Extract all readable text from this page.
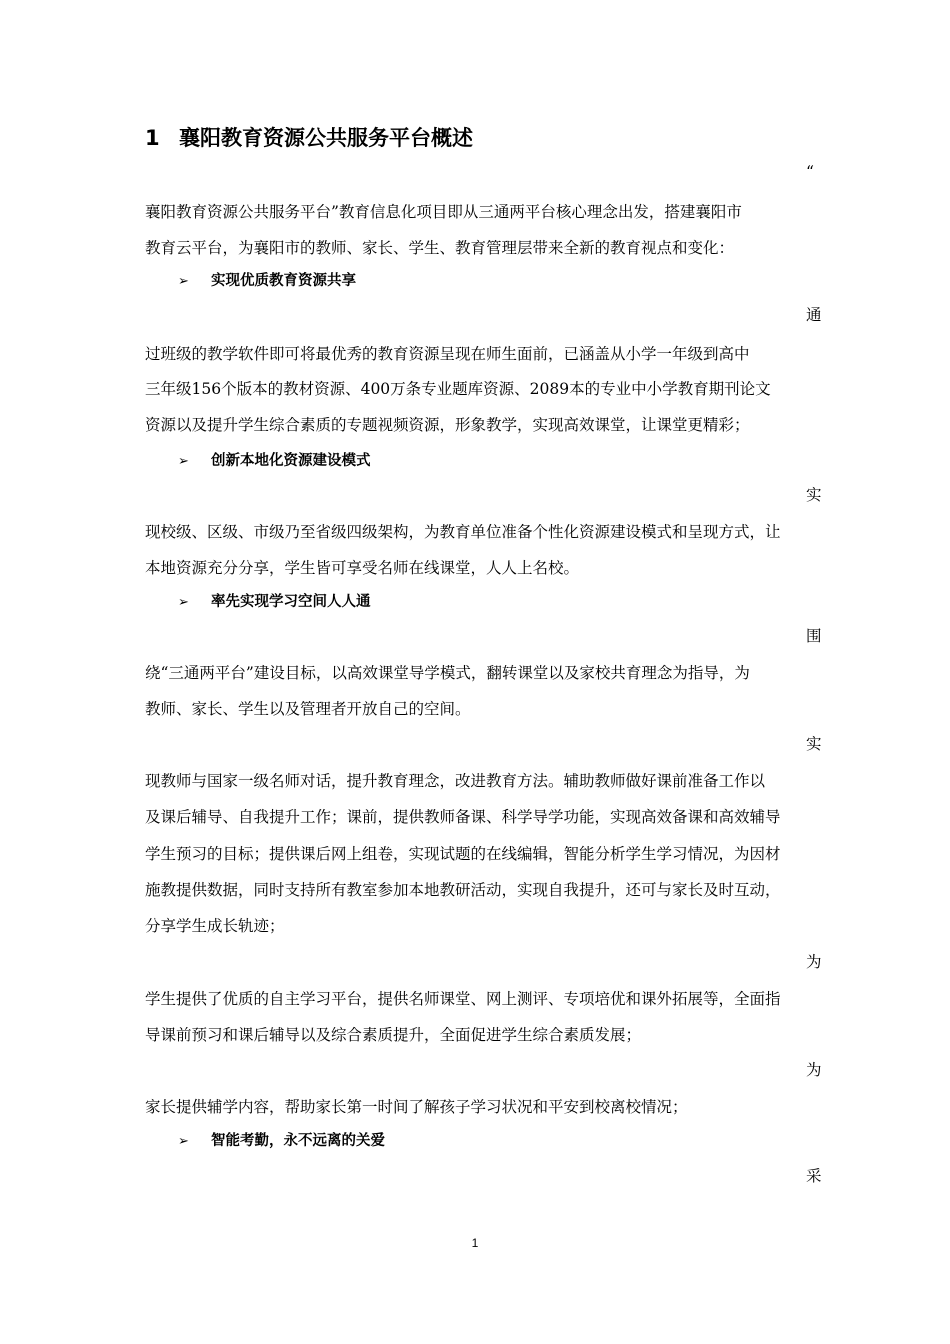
1 襄阳教育资源公共服务平台概述
“
襄阳教育资源公共服务平台”教育信息化项目即从三通两平台核心理念出发，搭建襄阳市
教育云平台，为襄阳市的教师、家长、学生、教育管理层带来全新的教育视点和变化：
➢ 实现优质教育资源共享
通
过班级的教学软件即可将最优秀的教育资源呈现在师生面前，已涵盖从小学一年级到高中
三年级156个版本的教材资源、400万条专业题库资源、2089本的专业中小学教育期刊论文
资源以及提升学生综合素质的专题视频资源，形象教学，实现高效课堂，让课堂更精彩；
➢ 创新本地化资源建设模式
实
现校级、区级、市级乃至省级四级架构，为教育单位准备个性化资源建设模式和呈现方式，让
本地资源充分分享，学生皆可享受名师在线课堂，人人上名校。
➢ 率先实现学习空间人人通
围
绕“三通两平台”建设目标，以高效课堂导学模式，翻转课堂以及家校共育理念为指导，为
教师、家长、学生以及管理者开放自己的空间。
实
现教师与国家一级名师对话，提升教育理念，改进教育方法。辅助教师做好课前准备工作以
及课后辅导、自我提升工作；课前，提供教师备课、科学导学功能，实现高效备课和高效辅导
学生预习的目标；提供课后网上组卷，实现试题的在线编辑，智能分析学生学习情况，为因材
施教提供数据，同时支持所有教室参加本地教研活动，实现自我提升，还可与家长及时互动，
分享学生成长轨迹；
为
学生提供了优质的自主学习平台，提供名师课堂、网上测评、专项培优和课外拓展等，全面指
导课前预习和课后辅导以及综合素质提升，全面促进学生综合素质发展；
为
家长提供辅学内容，帮助家长第一时间了解孩子学习状况和平安到校离校情况；
➢ 智能考勤，永不远离的关爱
采
1
